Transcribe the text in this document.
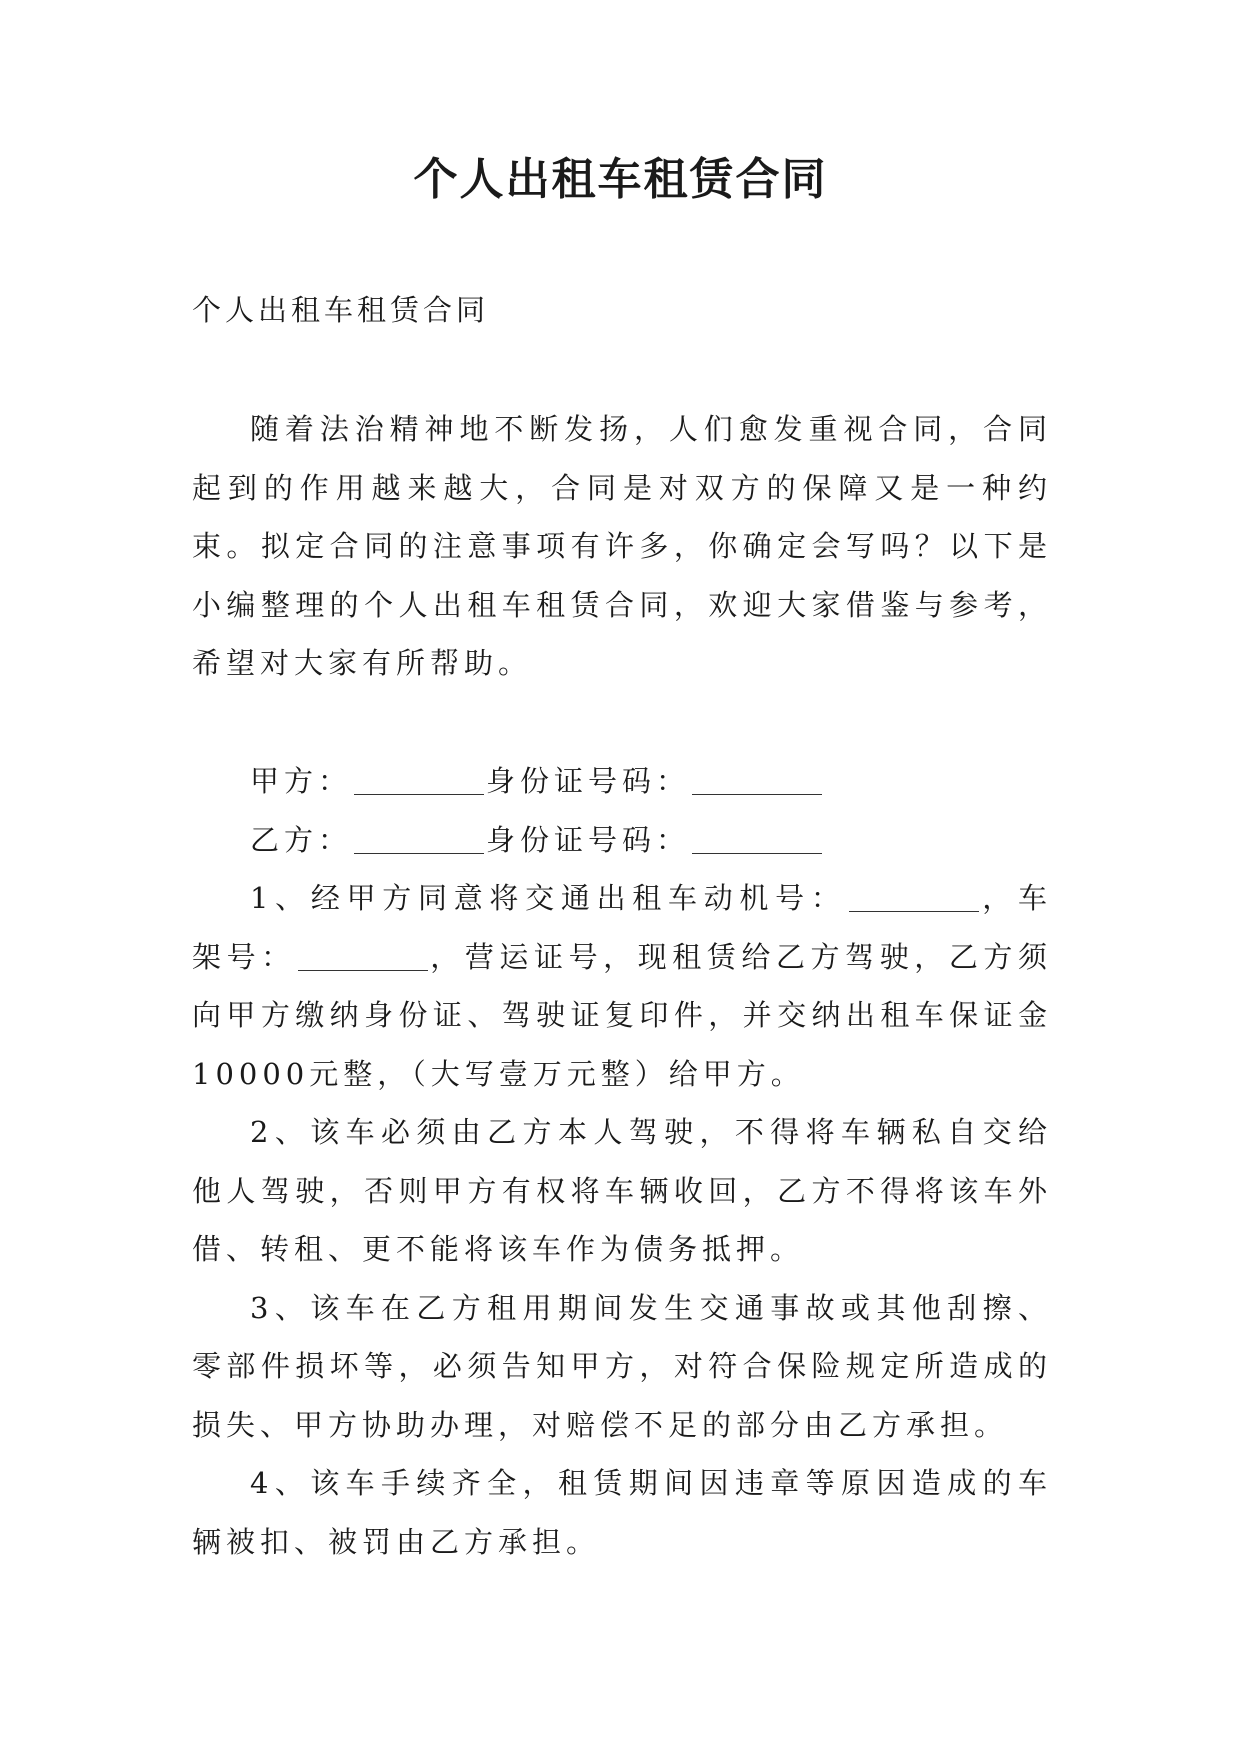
个人出租车租赁合同
个人出租车租赁合同

随着法治精神地不断发扬，人们愈发重视合同，合同起到的作用越来越大，合同是对双方的保障又是一种约束。拟定合同的注意事项有许多，你确定会写吗？以下是小编整理的个人出租车租赁合同，欢迎大家借鉴与参考，希望对大家有所帮助。

甲方：	身份证号码：

乙方：	身份证号码：

1、经甲方同意将交通出租车动机号：	，车架号：	，营运证号，现租赁给乙方驾驶，乙方须向甲方缴纳身份证、驾驶证复印件，并交纳出租车保证金10000元整，（大写壹万元整）给甲方。

2、该车必须由乙方本人驾驶，不得将车辆私自交给他人驾驶，否则甲方有权将车辆收回，乙方不得将该车外借、转租、更不能将该车作为债务抵押。

3、该车在乙方租用期间发生交通事故或其他刮擦、零部件损坏等，必须告知甲方，对符合保险规定所造成的损失、甲方协助办理，对赔偿不足的部分由乙方承担。

4、该车手续齐全，租赁期间因违章等原因造成的车辆被扣、被罚由乙方承担。
